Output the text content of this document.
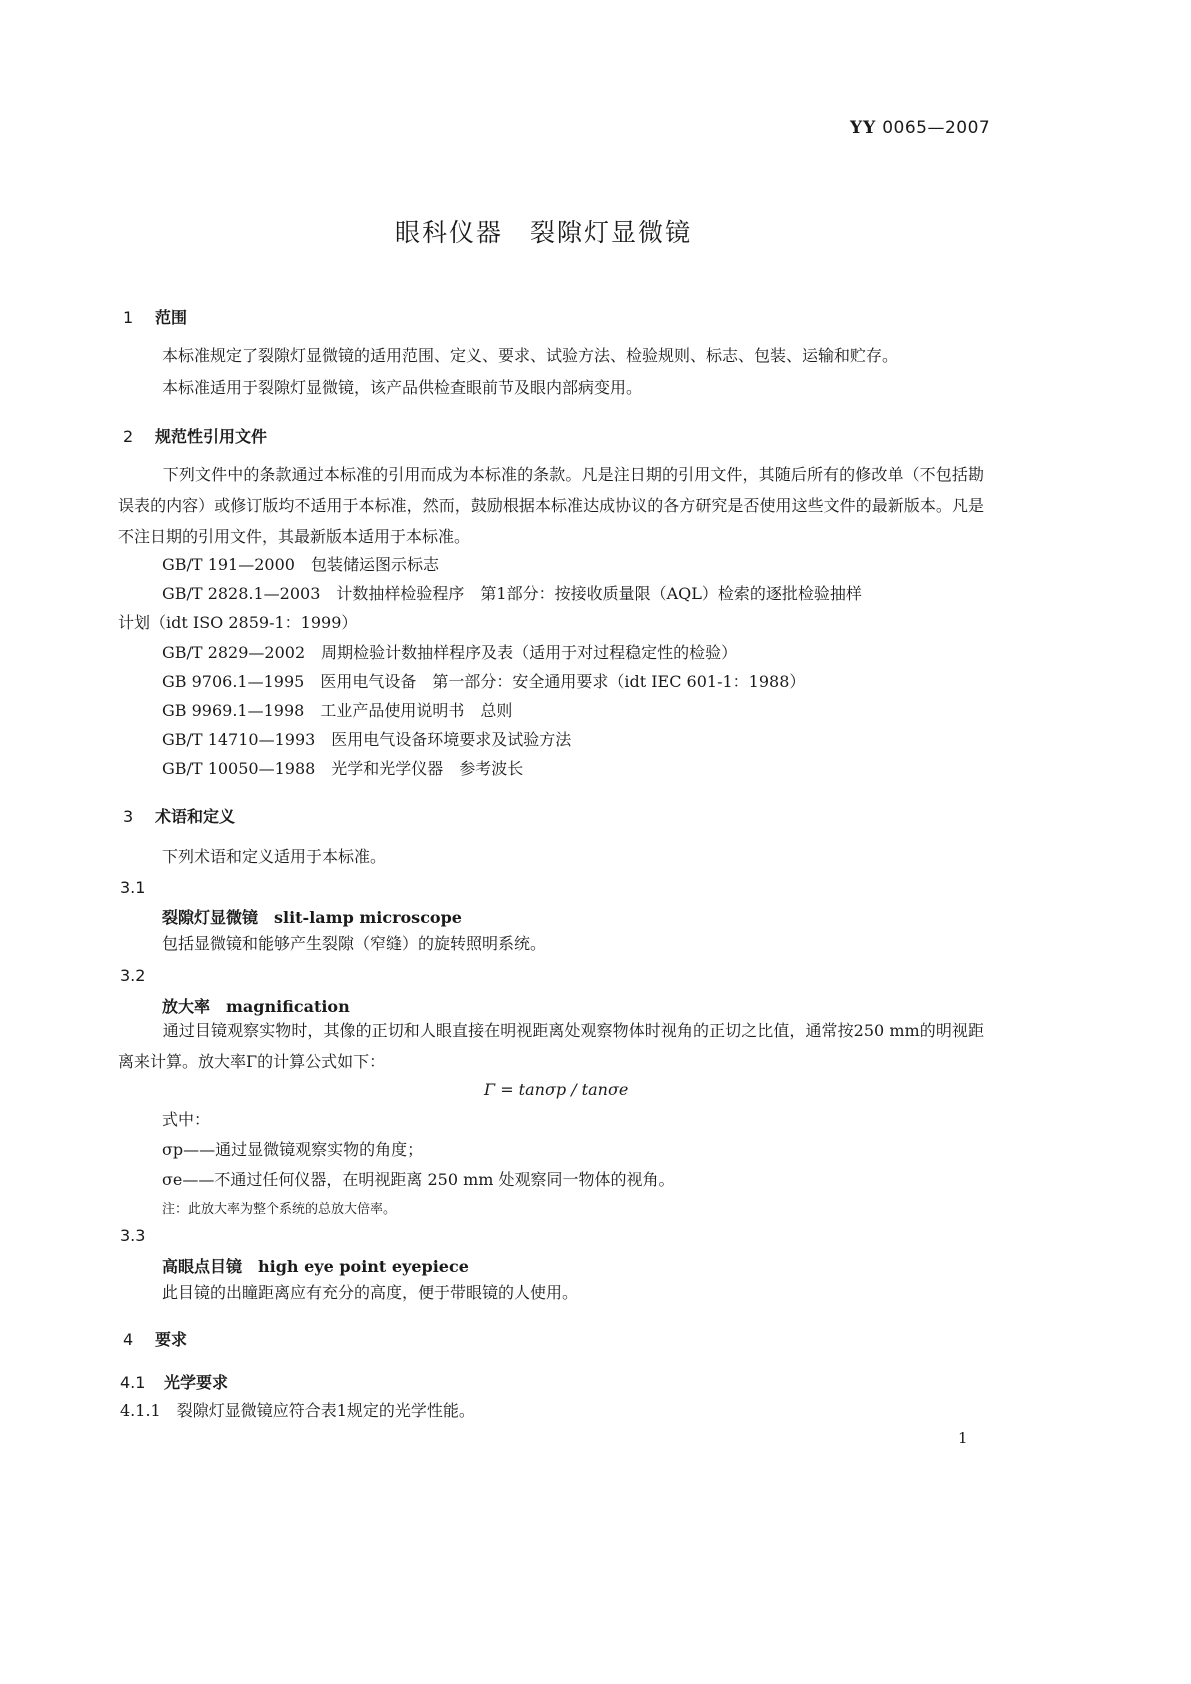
YY 0065—2007
眼科仪器　裂隙灯显微镜
1 范围
本标准规定了裂隙灯显微镜的适用范围、定义、要求、试验方法、检验规则、标志、包装、运输和贮存。
本标准适用于裂隙灯显微镜，该产品供检查眼前节及眼内部病变用。
2 规范性引用文件
下列文件中的条款通过本标准的引用而成为本标准的条款。凡是注日期的引用文件，其随后所有的修改单（不包括勘误表的内容）或修订版均不适用于本标准，然而，鼓励根据本标准达成协议的各方研究是否使用这些文件的最新版本。凡是不注日期的引用文件，其最新版本适用于本标准。
GB/T 191—2000　包装储运图示标志
GB/T 2828.1—2003　计数抽样检验程序　第1部分：按接收质量限（AQL）检索的逐批检验抽样
计划（idt ISO 2859-1：1999）
GB/T 2829—2002　周期检验计数抽样程序及表（适用于对过程稳定性的检验）
GB 9706.1—1995　医用电气设备　第一部分：安全通用要求（idt IEC 601-1：1988）
GB 9969.1—1998　工业产品使用说明书　总则
GB/T 14710—1993　医用电气设备环境要求及试验方法
GB/T 10050—1988　光学和光学仪器　参考波长
3 术语和定义
下列术语和定义适用于本标准。
3.1
裂隙灯显微镜　slit-lamp microscope
包括显微镜和能够产生裂隙（窄缝）的旋转照明系统。
3.2
放大率　magnification
通过目镜观察实物时，其像的正切和人眼直接在明视距离处观察物体时视角的正切之比值，通常按250 mm的明视距离来计算。放大率Γ的计算公式如下：
Γ = tanσp / tanσe
式中：
σp——通过显微镜观察实物的角度；
σe——不通过任何仪器，在明视距离 250 mm 处观察同一物体的视角。
注：此放大率为整个系统的总放大倍率。
3.3
高眼点目镜　high eye point eyepiece
此目镜的出瞳距离应有充分的高度，便于带眼镜的人使用。
4 要求
4.1 光学要求
4.1.1　裂隙灯显微镜应符合表1规定的光学性能。
1
